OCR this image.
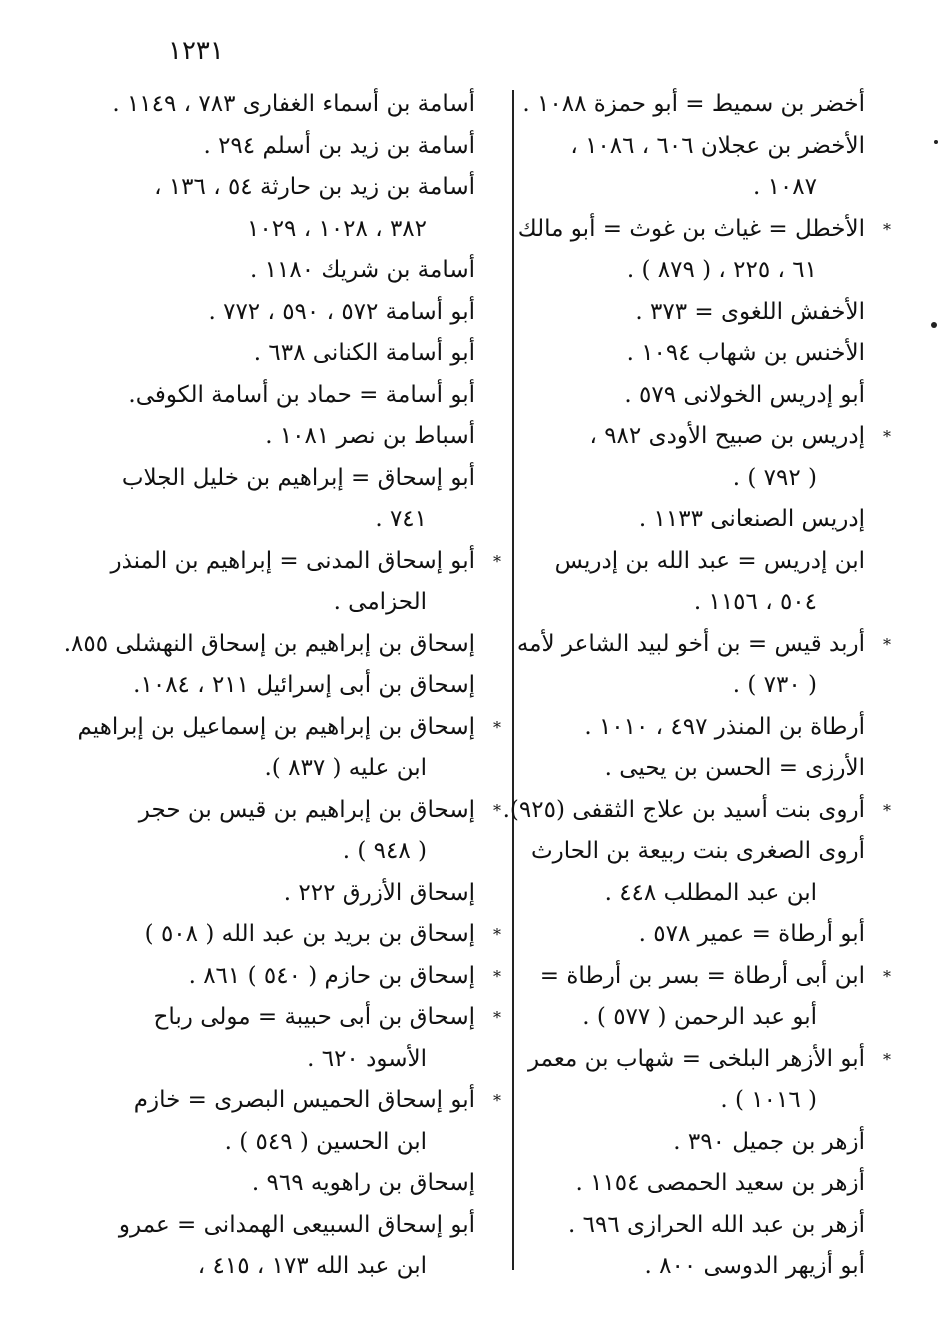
١٢٣١
أخضر بن سميط = أبو حمزة ١٠٨٨ .
الأخضر بن عجلان ٦٠٦ ، ١٠٨٦ ،
١٠٨٧ .
*
الأخطل = غياث بن غوث = أبو مالك
٦١ ، ٢٢٥ ، ( ٨٧٩ ) .
الأخفش اللغوى = ٣٧٣ .
الأخنس بن شهاب ١٠٩٤ .
أبو إدريس الخولانى ٥٧٩ .
*
إدريس بن صبيح الأودى ٩٨٢ ،
( ٧٩٢ ) .
إدريس الصنعانى ١١٣٣ .
ابن إدريس = عبد الله بن إدريس
٥٠٤ ، ١١٥٦ .
*
أربد قيس = بن أخو لبيد الشاعر لأمه
( ٧٣٠ ) .
أرطاة بن المنذر ٤٩٧ ، ١٠١٠ .
الأرزى = الحسن بن يحيى .
*
أروى بنت أسيد بن علاج الثقفى (٩٢٥).
أروى الصغرى بنت ربيعة بن الحارث
ابن عبد المطلب ٤٤٨ .
أبو أرطاة = عمير ٥٧٨ .
*
ابن أبى أرطاة = بسر بن أرطاة =
أبو عبد الرحمن ( ٥٧٧ ) .
*
أبو الأزهر البلخى = شهاب بن معمر
( ١٠١٦ ) .
أزهر بن جميل ٣٩٠ .
أزهر بن سعيد الحمصى ١١٥٤ .
أزهر بن عبد الله الحرازى ٦٩٦ .
أبو أزيهر الدوسى ٨٠٠ .
أسامة بن أسماء الغفارى ٧٨٣ ، ١١٤٩ .
أسامة بن زيد بن أسلم ٢٩٤ .
أسامة بن زيد بن حارثة ٥٤ ، ١٣٦ ،
٣٨٢ ، ١٠٢٨ ، ١٠٢٩
أسامة بن شريك ١١٨٠ .
أبو أسامة ٥٧٢ ، ٥٩٠ ، ٧٧٢ .
أبو أسامة الكنانى ٦٣٨ .
أبو أسامة = حماد بن أسامة الكوفى.
أسباط بن نصر ١٠٨١ .
أبو إسحاق = إبراهيم بن خليل الجلاب
٧٤١ .
*
أبو إسحاق المدنى = إبراهيم بن المنذر
الحزامى .
إسحاق بن إبراهيم بن إسحاق النهشلى ٨٥٥.
إسحاق بن أبى إسرائيل ٢١١ ، ١٠٨٤.
*
إسحاق بن إبراهيم بن إسماعيل بن إبراهيم
ابن عليه ( ٨٣٧ ).
*
إسحاق بن إبراهيم بن قيس بن حجر
( ٩٤٨ ) .
إسحاق الأزرق ٢٢٢ .
*
إسحاق بن بريد بن عبد الله ( ٥٠٨ )
*
إسحاق بن حازم ( ٥٤٠ ) ٨٦١ .
*
إسحاق بن أبى حبيبة = مولى رباح
الأسود ٦٢٠ .
*
أبو إسحاق الحميس البصرى = خازم
ابن الحسين ( ٥٤٩ ) .
إسحاق بن راهويه ٩٦٩ .
أبو إسحاق السبيعى الهمدانى = عمرو
ابن عبد الله ١٧٣ ، ٤١٥ ،
